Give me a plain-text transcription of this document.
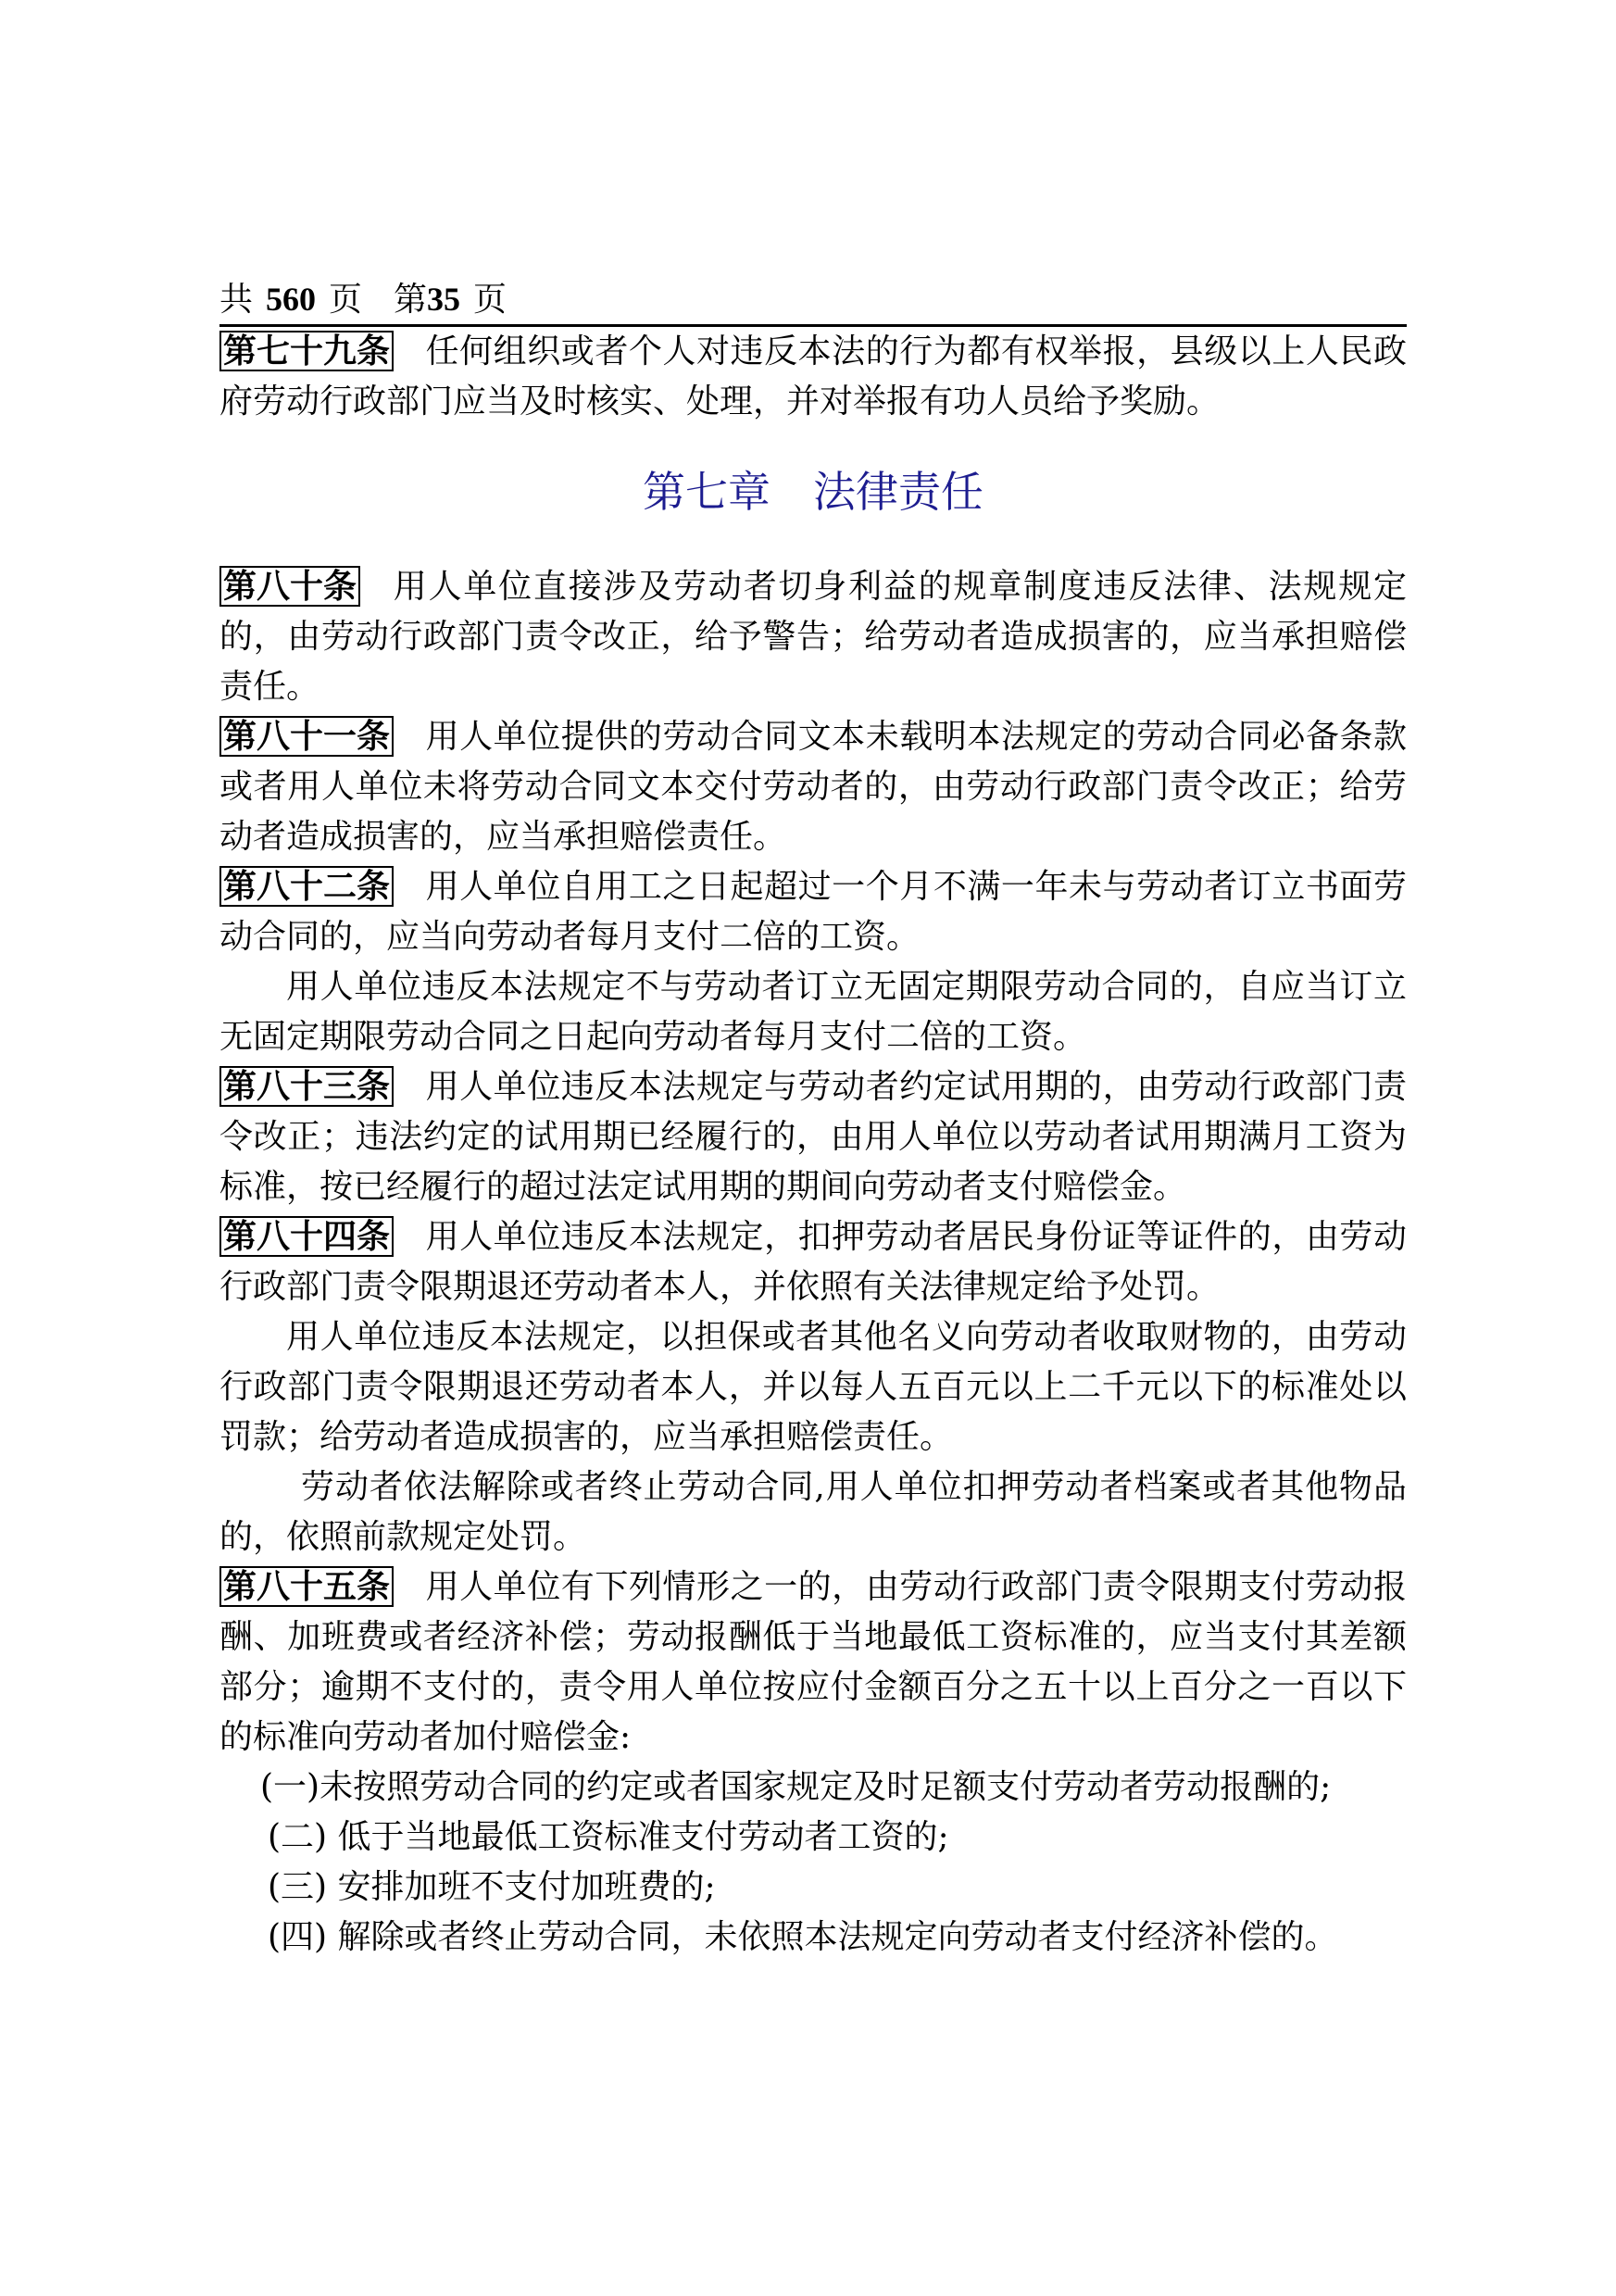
共 560 页 第35 页

第七十九条 任何组织或者个人对违反本法的行为都有权举报，县级以上人民政府劳动行政部门应当及时核实、处理，并对举报有功人员给予奖励。

第七章 法律责任

第八十条 用人单位直接涉及劳动者切身利益的规章制度违反法律、法规规定的，由劳动行政部门责令改正，给予警告；给劳动者造成损害的，应当承担赔偿责任。

第八十一条 用人单位提供的劳动合同文本未载明本法规定的劳动合同必备条款或者用人单位未将劳动合同文本交付劳动者的，由劳动行政部门责令改正；给劳动者造成损害的，应当承担赔偿责任。

第八十二条 用人单位自用工之日起超过一个月不满一年未与劳动者订立书面劳动合同的，应当向劳动者每月支付二倍的工资。

用人单位违反本法规定不与劳动者订立无固定期限劳动合同的，自应当订立无固定期限劳动合同之日起向劳动者每月支付二倍的工资。

第八十三条 用人单位违反本法规定与劳动者约定试用期的，由劳动行政部门责令改正；违法约定的试用期已经履行的，由用人单位以劳动者试用期满月工资为标准，按已经履行的超过法定试用期的期间向劳动者支付赔偿金。

第八十四条 用人单位违反本法规定，扣押劳动者居民身份证等证件的，由劳动行政部门责令限期退还劳动者本人，并依照有关法律规定给予处罚。

用人单位违反本法规定，以担保或者其他名义向劳动者收取财物的，由劳动行政部门责令限期退还劳动者本人，并以每人五百元以上二千元以下的标准处以罚款；给劳动者造成损害的，应当承担赔偿责任。

劳动者依法解除或者终止劳动合同,用人单位扣押劳动者档案或者其他物品的，依照前款规定处罚。

第八十五条 用人单位有下列情形之一的，由劳动行政部门责令限期支付劳动报酬、加班费或者经济补偿；劳动报酬低于当地最低工资标准的，应当支付其差额部分；逾期不支付的，责令用人单位按应付金额百分之五十以上百分之一百以下的标准向劳动者加付赔偿金:

(一)未按照劳动合同的约定或者国家规定及时足额支付劳动者劳动报酬的;

(二) 低于当地最低工资标准支付劳动者工资的;

(三) 安排加班不支付加班费的;

(四) 解除或者终止劳动合同，未依照本法规定向劳动者支付经济补偿的。
